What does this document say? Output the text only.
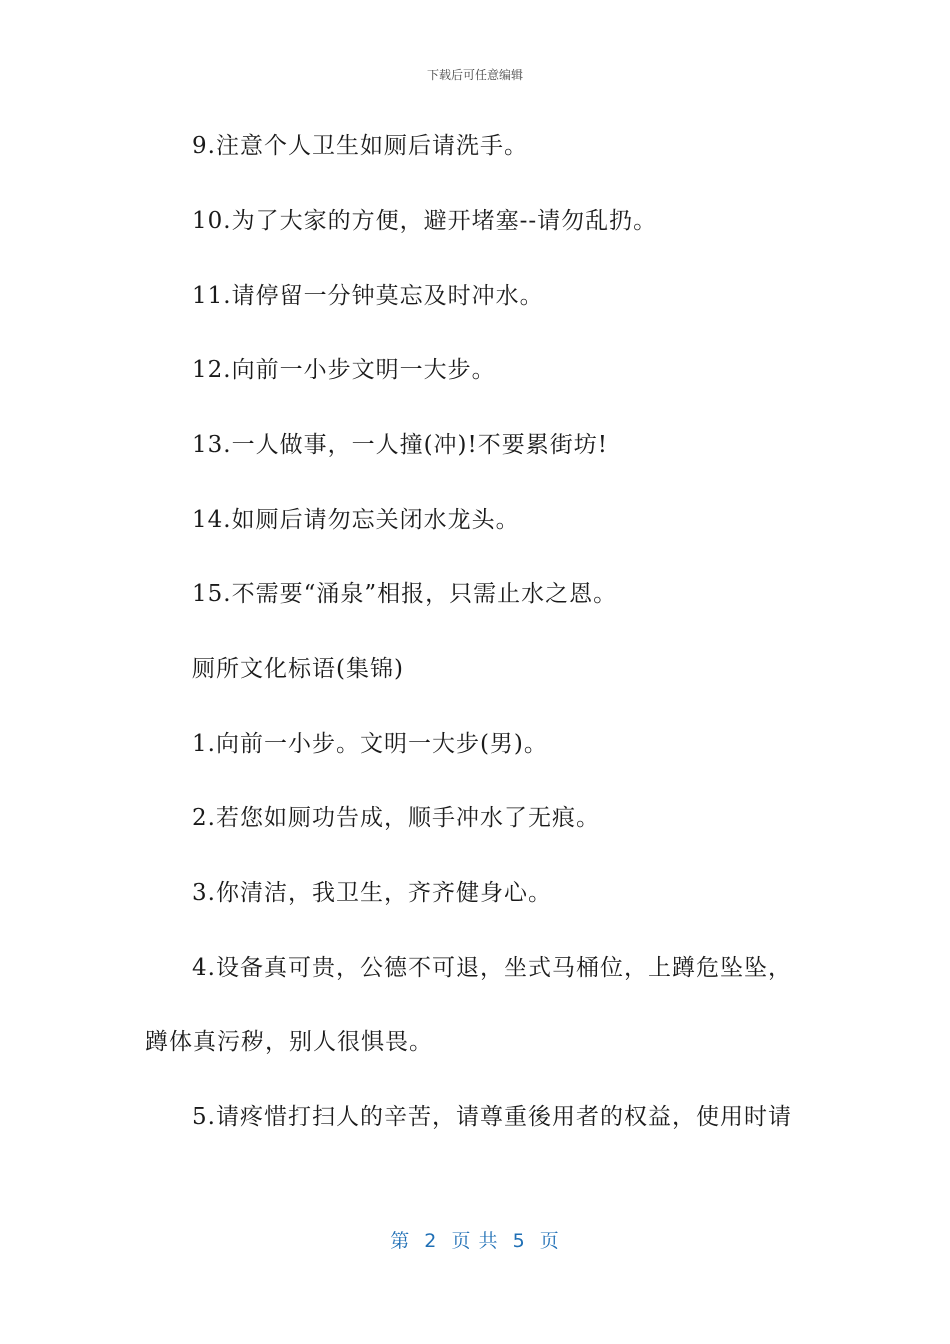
下载后可任意编辑
9.注意个人卫生如厕后请洗手。
10.为了大家的方便，避开堵塞--请勿乱扔。
11.请停留一分钟莫忘及时冲水。
12.向前一小步文明一大步。
13.一人做事，一人撞(冲)!不要累街坊!
14.如厕后请勿忘关闭水龙头。
15.不需要“涌泉”相报，只需止水之恩。
厕所文化标语(集锦)
1.向前一小步。文明一大步(男)。
2.若您如厕功告成，顺手冲水了无痕。
3.你清洁，我卫生，齐齐健身心。
4.设备真可贵，公德不可退，坐式马桶位，上蹲危坠坠，
蹲体真污秽，别人很惧畏。
5.请疼惜打扫人的辛苦，请尊重後用者的权益，使用时请
第  2  页 共  5  页
